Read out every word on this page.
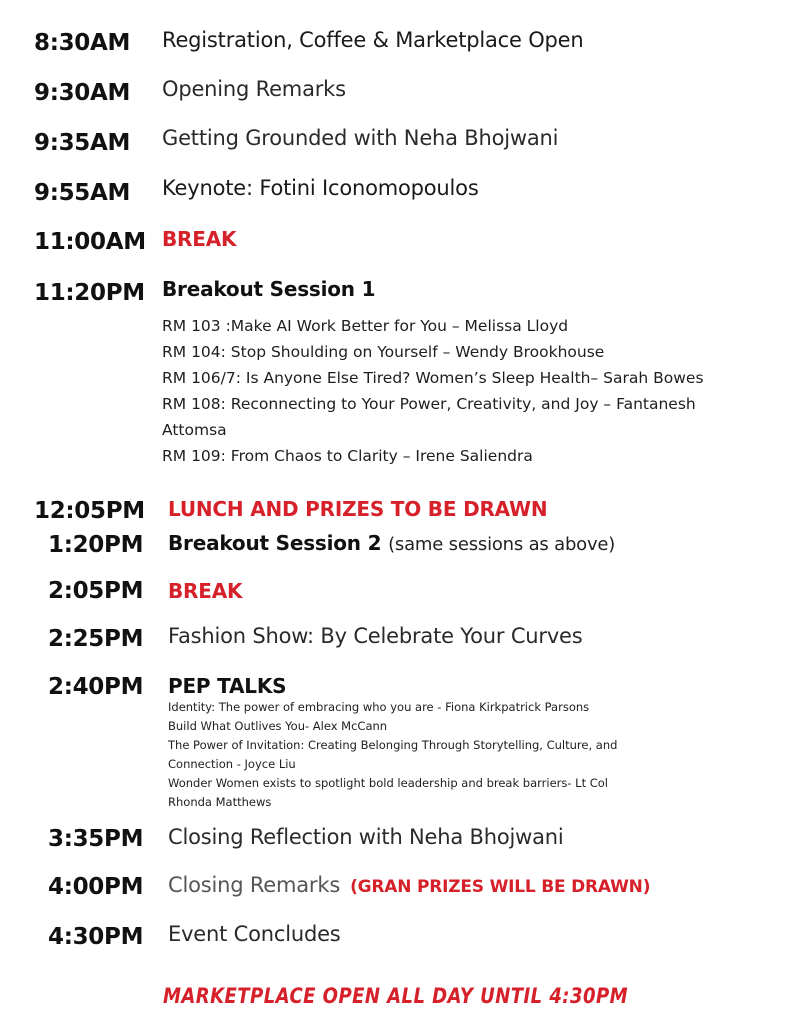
8:30AM Registration, Coffee & Marketplace Open
9:30AM Opening Remarks
9:35AM Getting Grounded with Neha Bhojwani
9:55AM Keynote: Fotini Iconomopoulos
11:00AM BREAK
11:20PM Breakout Session 1
RM 103 :Make AI Work Better for You – Melissa Lloyd
RM 104: Stop Shoulding on Yourself – Wendy Brookhouse
RM 106/7: Is Anyone Else Tired? Women’s Sleep Health– Sarah Bowes
RM 108: Reconnecting to Your Power, Creativity, and Joy – Fantanesh
Attomsa
RM 109: From Chaos to Clarity – Irene Saliendra
12:05PM LUNCH AND PRIZES TO BE DRAWN
1:20PM Breakout Session 2 (same sessions as above)
2:05PM BREAK
2:25PM Fashion Show: By Celebrate Your Curves
2:40PM PEP TALKS
Identity: The power of embracing who you are - Fiona Kirkpatrick Parsons
Build What Outlives You- Alex McCann
The Power of Invitation: Creating Belonging Through Storytelling, Culture, and
Connection - Joyce Liu
Wonder Women exists to spotlight bold leadership and break barriers- Lt Col
Rhonda Matthews
3:35PM Closing Reflection with Neha Bhojwani
4:00PM Closing Remarks (GRAN PRIZES WILL BE DRAWN)
4:30PM Event Concludes
MARKETPLACE OPEN ALL DAY UNTIL 4:30PM
